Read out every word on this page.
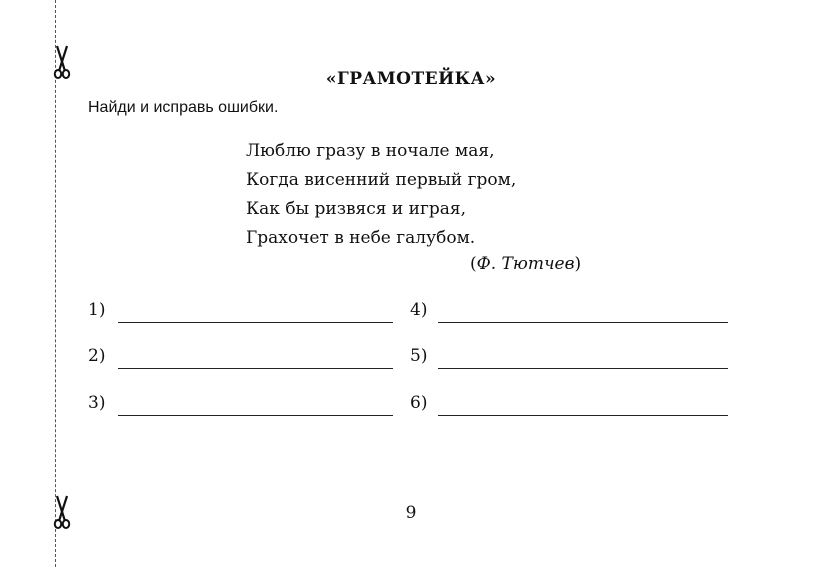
«ГРАМОТЕЙКА»
Найди и исправь ошибки.
Люблю гразу в ночале мая,
Когда висенний первый гром,
Как бы ризвяся и играя,
Грахочет в небе галубом.
(Ф. Тютчев)
1)
2)
3)
4)
5)
6)
9
